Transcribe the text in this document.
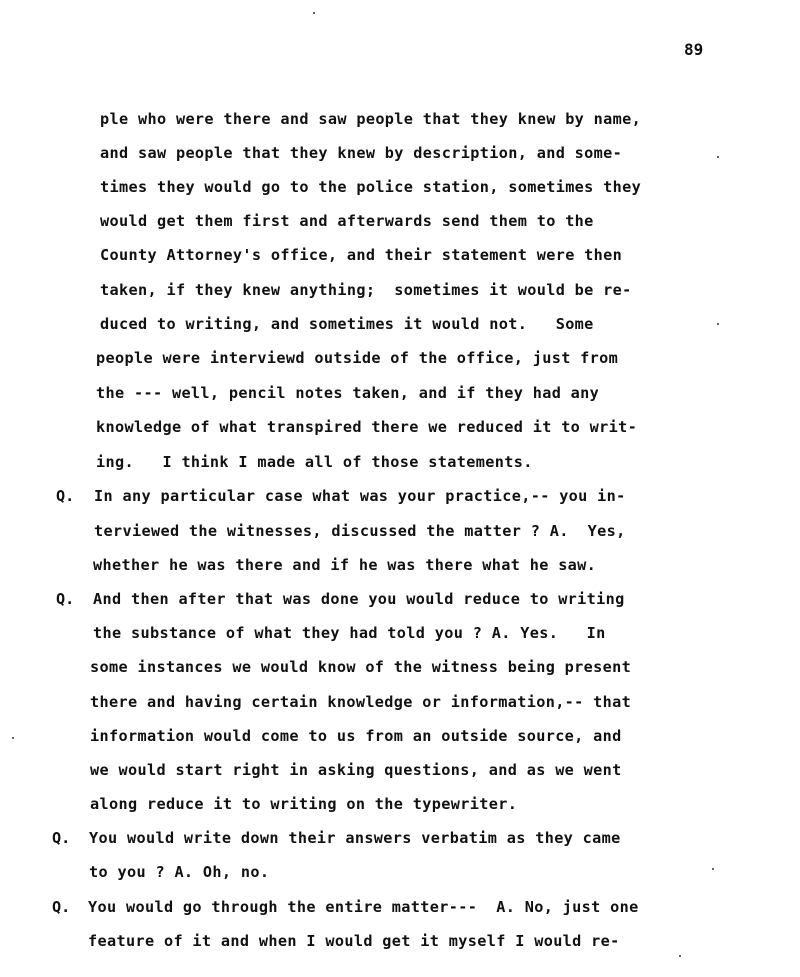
89
ple who were there and saw people that they knew by name,
and saw people that they knew by description, and some-
times they would go to the police station, sometimes they
would get them first and afterwards send them to the
County Attorney's office, and their statement were then
taken, if they knew anything;  sometimes it would be re-
duced to writing, and sometimes it would not.   Some
people were interviewd outside of the office, just from
the --- well, pencil notes taken, and if they had any
knowledge of what transpired there we reduced it to writ-
ing.   I think I made all of those statements.
Q. In any particular case what was your practice,-- you in-
terviewed the witnesses, discussed the matter ? A.  Yes,
whether he was there and if he was there what he saw.
Q. And then after that was done you would reduce to writing
the substance of what they had told you ? A. Yes.   In
some instances we would know of the witness being present
there and having certain knowledge or information,-- that
information would come to us from an outside source, and
we would start right in asking questions, and as we went
along reduce it to writing on the typewriter.
Q. You would write down their answers verbatim as they came
to you ? A. Oh, no.
Q. You would go through the entire matter---  A. No, just one
feature of it and when I would get it myself I would re-
